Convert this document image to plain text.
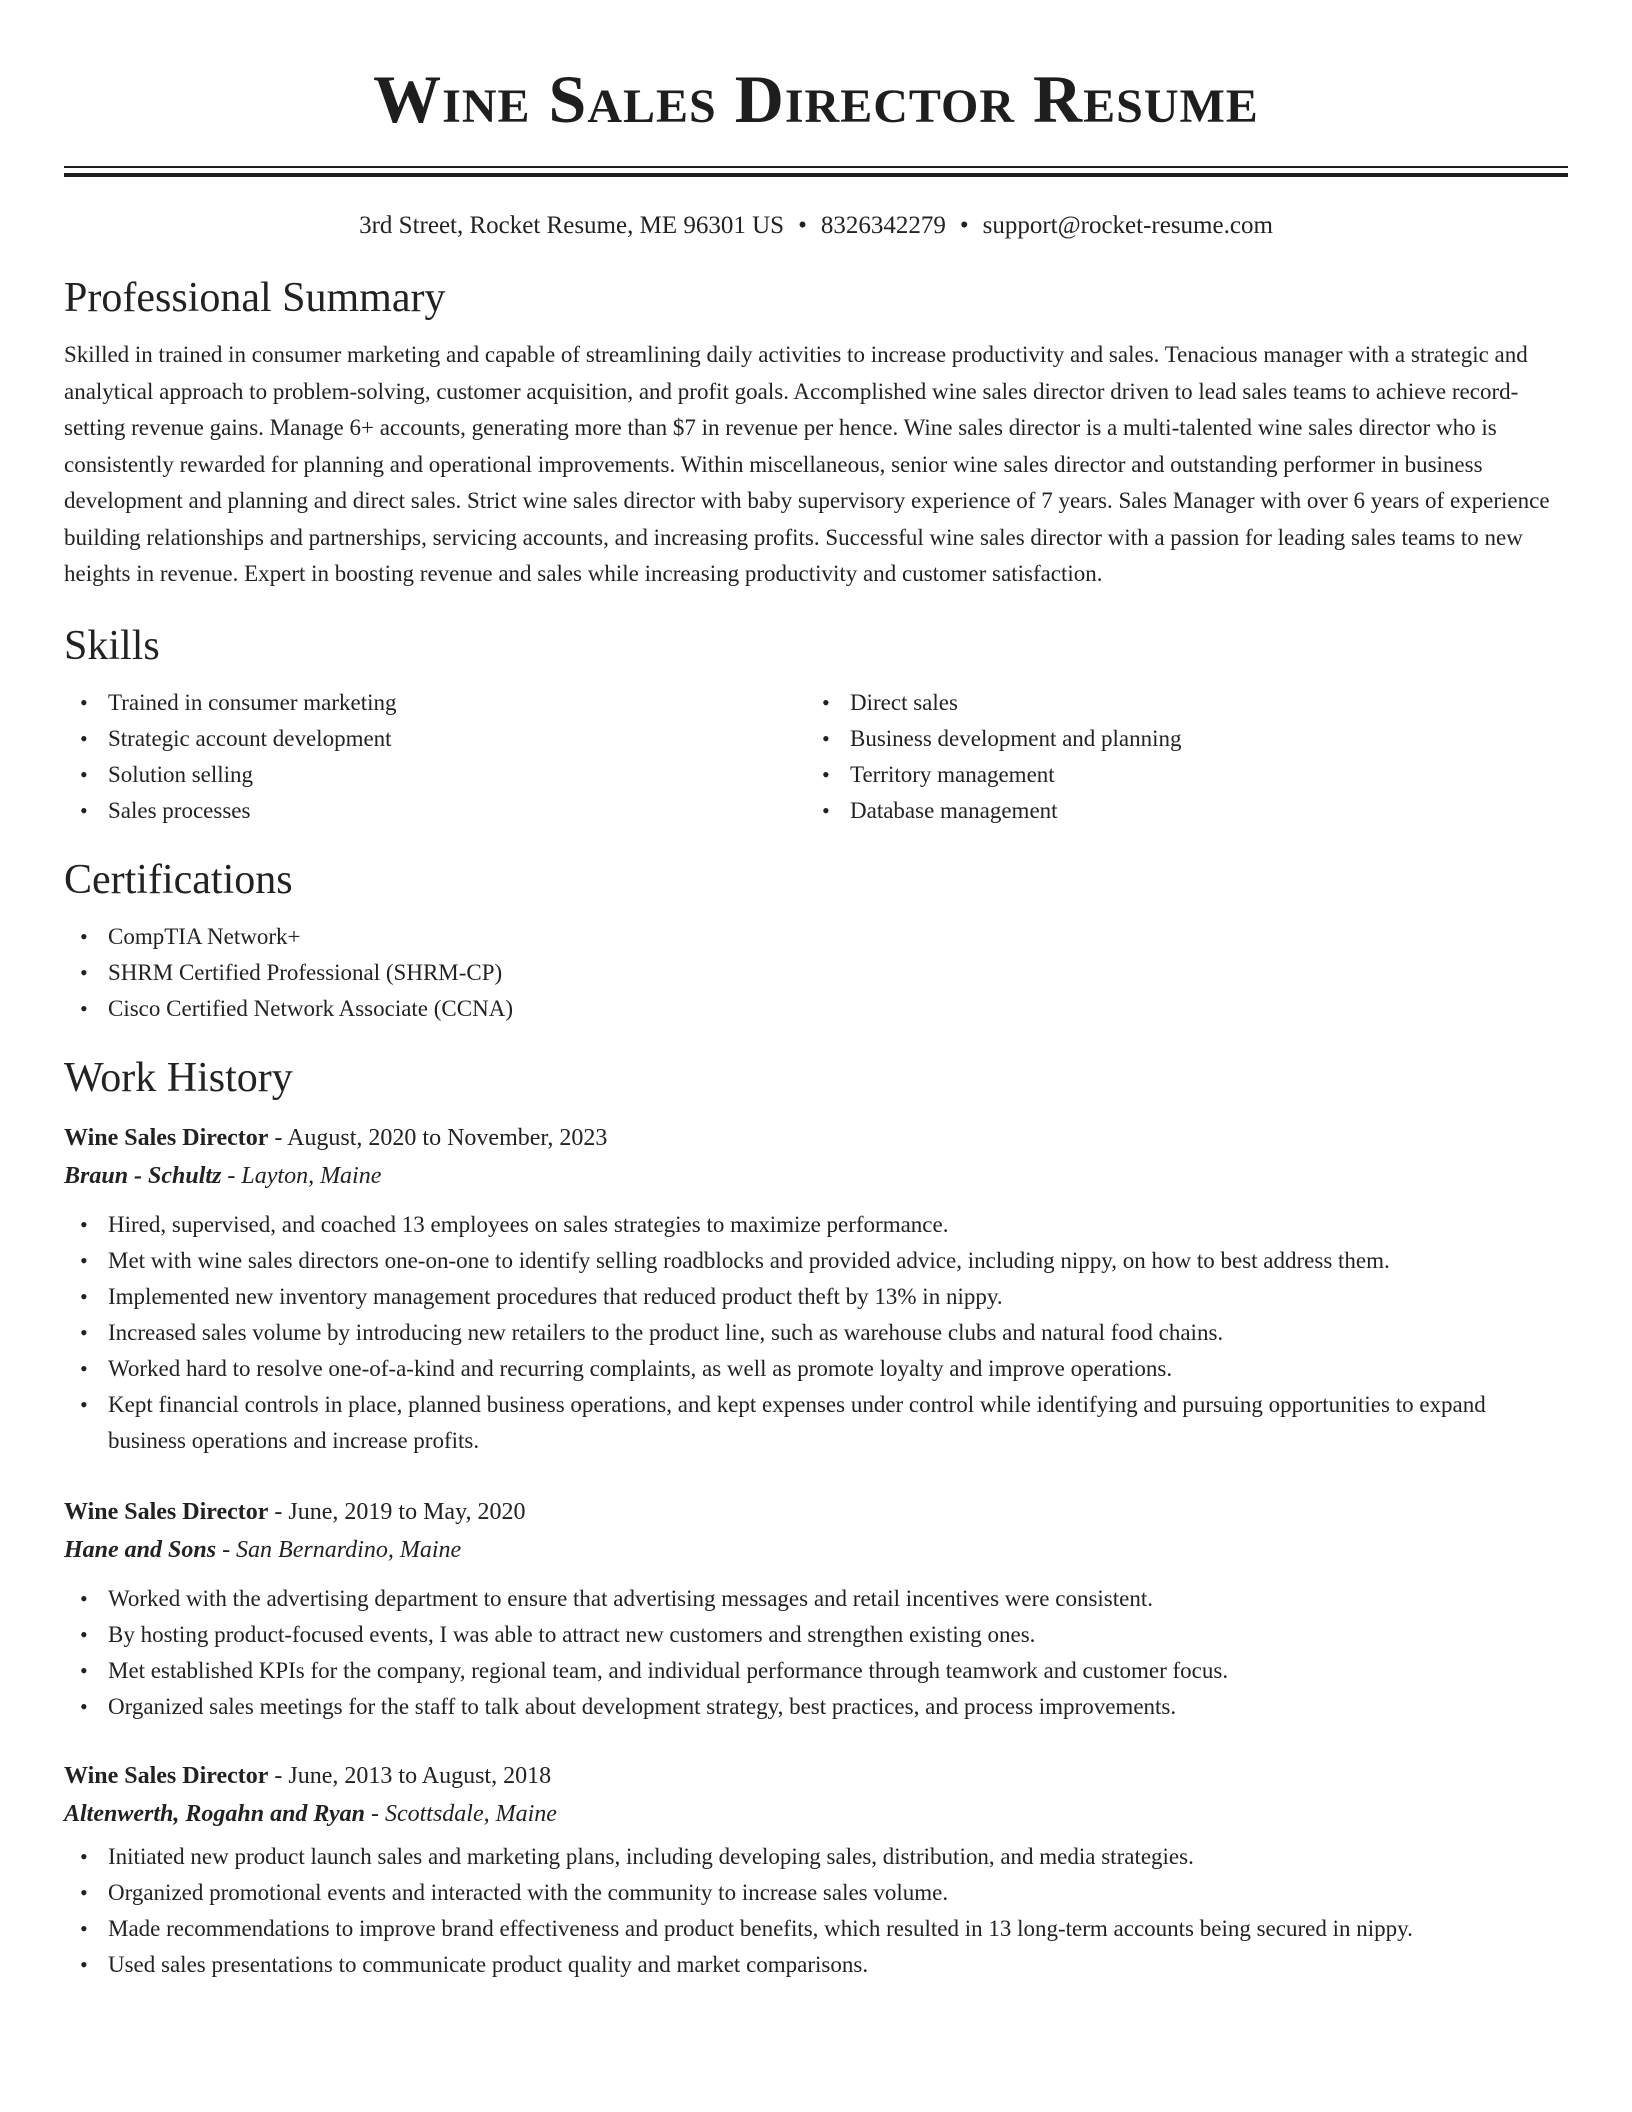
Wine Sales Director Resume
3rd Street, Rocket Resume, ME 96301 US • 8326342279 • support@rocket-resume.com
Professional Summary

Skilled in trained in consumer marketing and capable of streamlining daily activities to increase productivity and sales. Tenacious manager with a strategic and analytical approach to problem-solving, customer acquisition, and profit goals. Accomplished wine sales director driven to lead sales teams to achieve record-setting revenue gains. Manage 6+ accounts, generating more than $7 in revenue per hence. Wine sales director is a multi-talented wine sales director who is consistently rewarded for planning and operational improvements. Within miscellaneous, senior wine sales director and outstanding performer in business development and planning and direct sales. Strict wine sales director with baby supervisory experience of 7 years. Sales Manager with over 6 years of experience building relationships and partnerships, servicing accounts, and increasing profits. Successful wine sales director with a passion for leading sales teams to new heights in revenue. Expert in boosting revenue and sales while increasing productivity and customer satisfaction.

Skills
• Trained in consumer marketing
• Strategic account development
• Solution selling
• Sales processes
• Direct sales
• Business development and planning
• Territory management
• Database management
Certifications
• CompTIA Network+
• SHRM Certified Professional (SHRM-CP)
• Cisco Certified Network Associate (CCNA)
Work History
Wine Sales Director - August, 2020 to November, 2023
Braun - Schultz - Layton, Maine
• Hired, supervised, and coached 13 employees on sales strategies to maximize performance.
• Met with wine sales directors one-on-one to identify selling roadblocks and provided advice, including nippy, on how to best address them.
• Implemented new inventory management procedures that reduced product theft by 13% in nippy.
• Increased sales volume by introducing new retailers to the product line, such as warehouse clubs and natural food chains.
• Worked hard to resolve one-of-a-kind and recurring complaints, as well as promote loyalty and improve operations.
• Kept financial controls in place, planned business operations, and kept expenses under control while identifying and pursuing opportunities to expand business operations and increase profits.
Wine Sales Director - June, 2019 to May, 2020
Hane and Sons - San Bernardino, Maine
• Worked with the advertising department to ensure that advertising messages and retail incentives were consistent.
• By hosting product-focused events, I was able to attract new customers and strengthen existing ones.
• Met established KPIs for the company, regional team, and individual performance through teamwork and customer focus.
• Organized sales meetings for the staff to talk about development strategy, best practices, and process improvements.
Wine Sales Director - June, 2013 to August, 2018
Altenwerth, Rogahn and Ryan - Scottsdale, Maine
• Initiated new product launch sales and marketing plans, including developing sales, distribution, and media strategies.
• Organized promotional events and interacted with the community to increase sales volume.
• Made recommendations to improve brand effectiveness and product benefits, which resulted in 13 long-term accounts being secured in nippy.
• Used sales presentations to communicate product quality and market comparisons.
